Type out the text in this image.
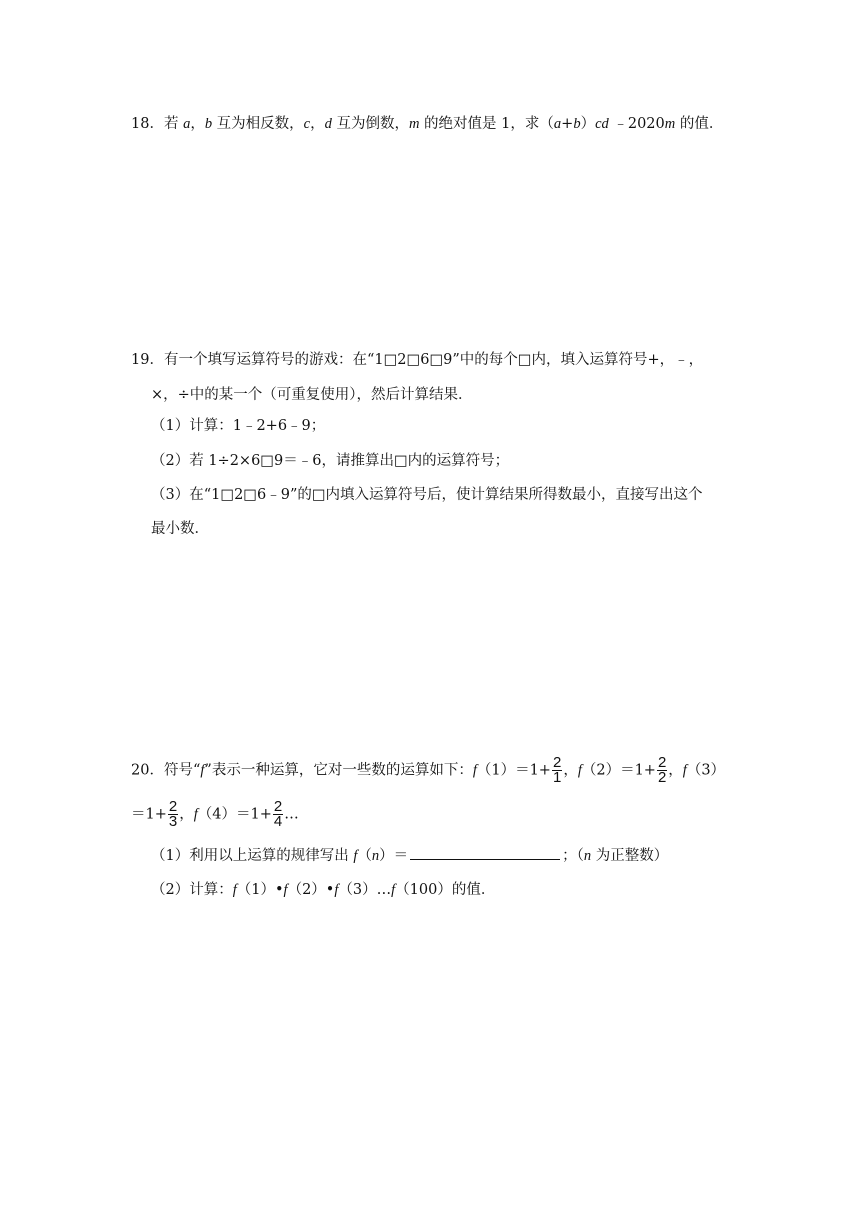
18．若 a，b 互为相反数，c，d 互为倒数，m 的绝对值是 1，求（a+b）cd ﹣2020m 的值．
19．有一个填写运算符号的游戏：在“1□2□6□9”中的每个□内，填入运算符号+，﹣，
×，÷中的某一个（可重复使用），然后计算结果．
（1）计算：1﹣2+6﹣9；
（2）若 1÷2×6□9＝﹣6，请推算出□内的运算符号；
（3）在“1□2□6﹣9”的□内填入运算符号后，使计算结果所得数最小，直接写出这个
最小数．
20．符号“f”表示一种运算，它对一些数的运算如下：$f(1)=1+ \frac{2}{1}$ ，$f(2)=1+ \frac{2}{2}$ ，f（3）
$=1+ \frac{2}{3}$ ，$f(4)=1+ \frac{2}{4}$ …
（1）利用以上运算的规律写出 f（n）＝	；（n 为正整数）
（2）计算：f（1）•f（2）•f（3）…f（100）的值．
